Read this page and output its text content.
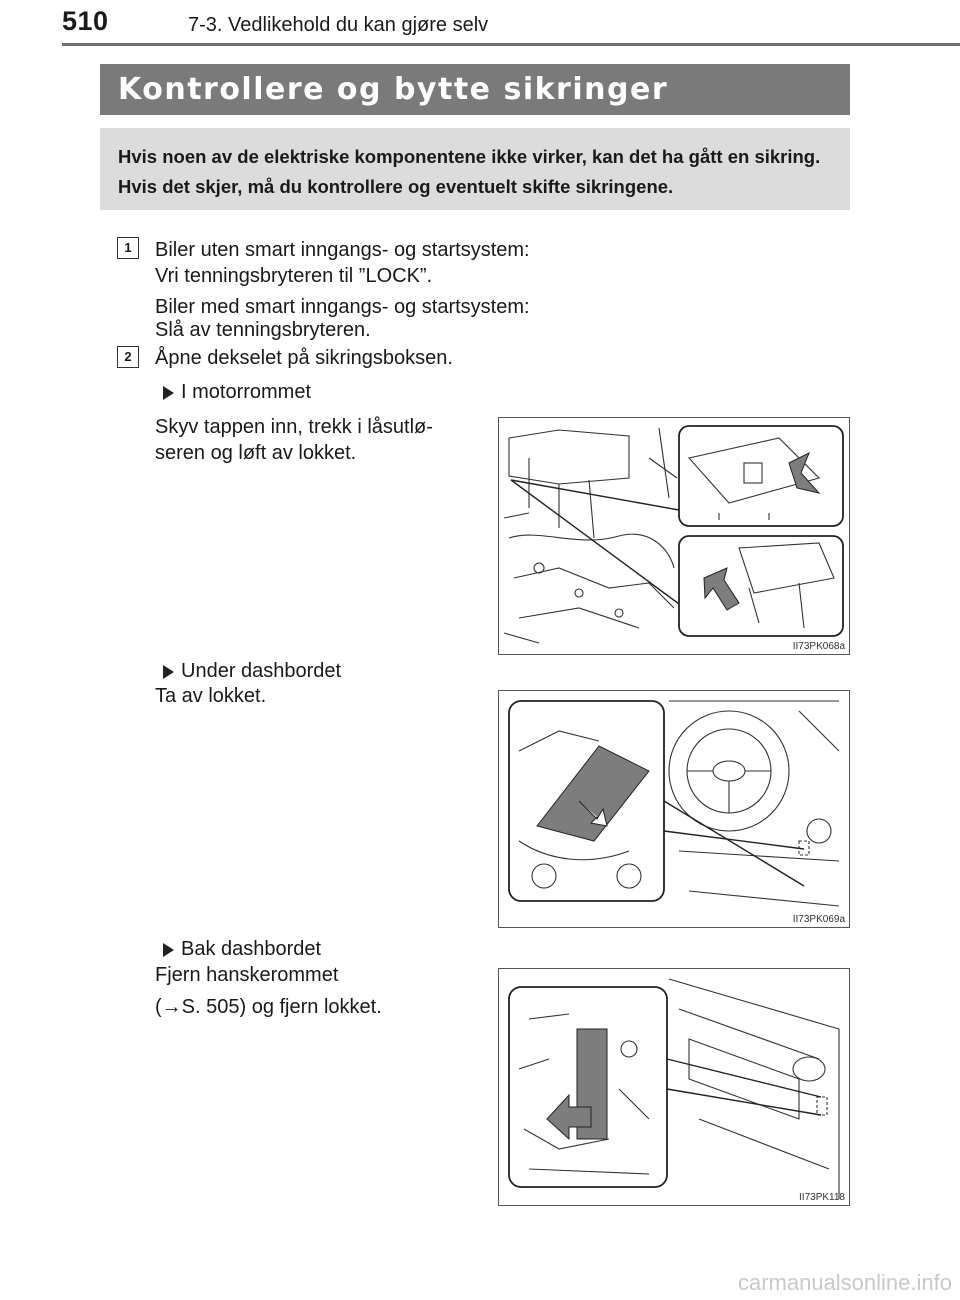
510	7-3. Vedlikehold du kan gjøre selv
Kontrollere og bytte sikringer
Hvis noen av de elektriske komponentene ikke virker, kan det ha gått en sikring. Hvis det skjer, må du kontrollere og eventuelt skifte sikringene.
1	Biler uten smart inngangs- og startsystem:
Vri tenningsbryteren til ”LOCK”.
Biler med smart inngangs- og startsystem:
Slå av tenningsbryteren.
2	Åpne dekselet på sikringsboksen.
I motorrommet
Skyv tappen inn, trekk i låsutlø-
seren og løft av lokket.
II73PK068a
Under dashbordet
Ta av lokket.
II73PK069a
Bak dashbordet
Fjern hanskerommet
(→S. 505) og fjern lokket.
II73PK118
carmanualsonline.info
